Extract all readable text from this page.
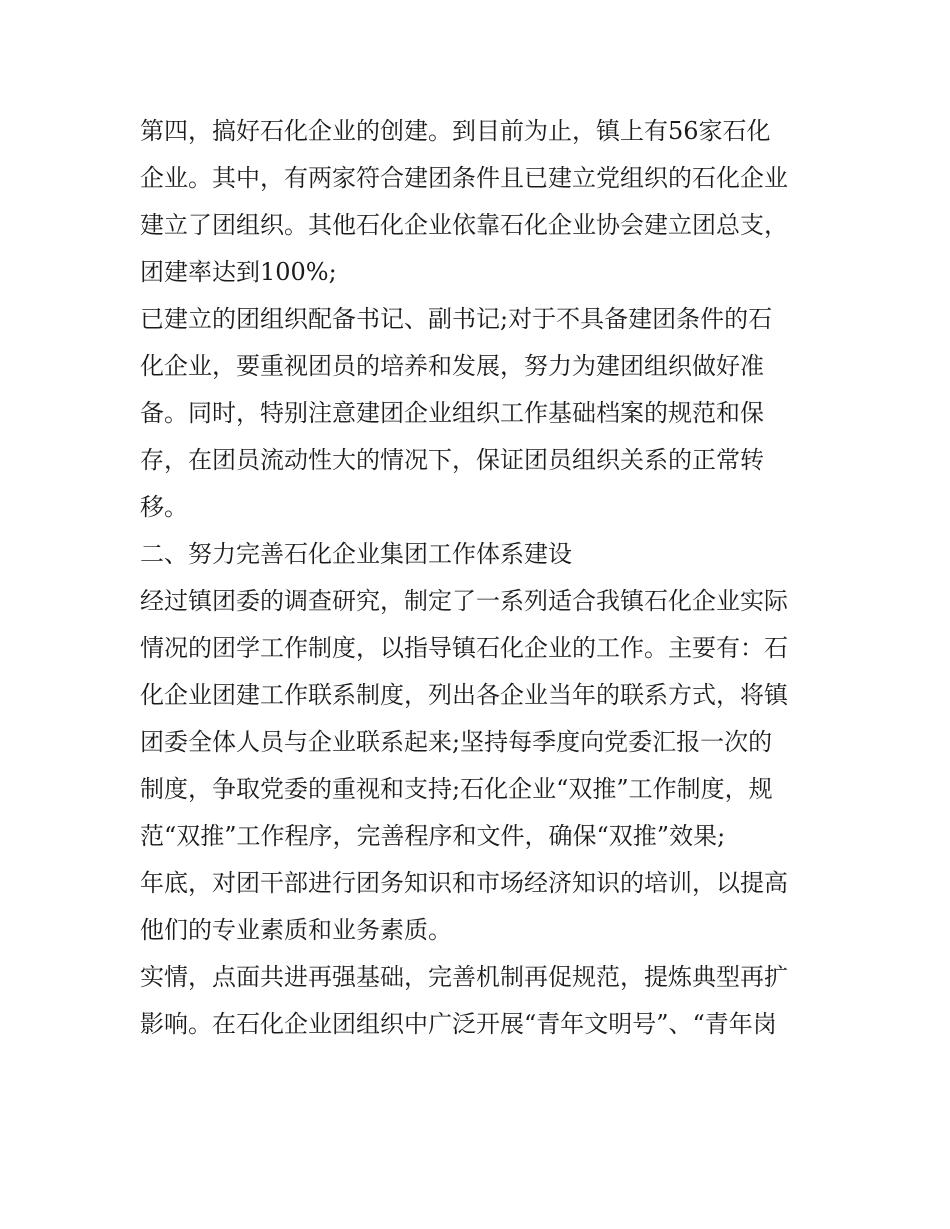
第四，搞好石化企业的创建。到目前为止，镇上有56家石化
企业。其中，有两家符合建团条件且已建立党组织的石化企业
建立了团组织。其他石化企业依靠石化企业协会建立团总支，
团建率达到100%;
已建立的团组织配备书记、副书记;对于不具备建团条件的石
化企业，要重视团员的培养和发展，努力为建团组织做好准
备。同时，特别注意建团企业组织工作基础档案的规范和保
存，在团员流动性大的情况下，保证团员组织关系的正常转
移。
二、努力完善石化企业集团工作体系建设
经过镇团委的调查研究，制定了一系列适合我镇石化企业实际
情况的团学工作制度，以指导镇石化企业的工作。主要有：石
化企业团建工作联系制度，列出各企业当年的联系方式，将镇
团委全体人员与企业联系起来;坚持每季度向党委汇报一次的
制度，争取党委的重视和支持;石化企业“双推”工作制度，规
范“双推”工作程序，完善程序和文件，确保“双推”效果;
年底，对团干部进行团务知识和市场经济知识的培训，以提高
他们的专业素质和业务素质。
实情，点面共进再强基础，完善机制再促规范，提炼典型再扩
影响。在石化企业团组织中广泛开展“青年文明号”、“青年岗
